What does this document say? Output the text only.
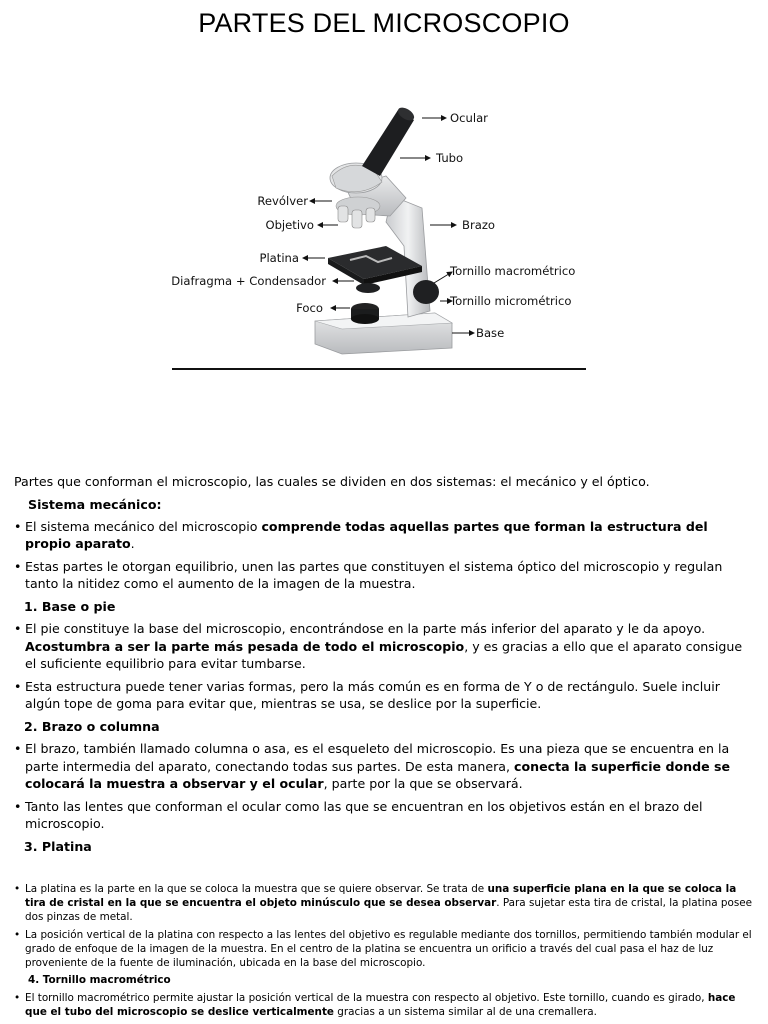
PARTES DEL MICROSCOPIO
Ocular
Tubo
Revólver
Objetivo	Brazo
Platina
Diafragma + Condensador
Tornillo macrométrico
Tornillo micrométrico
Foco
Base
Partes que conforman el microscopio, las cuales se dividen en dos sistemas: el mecánico y el óptico.
Sistema mecánico:
• El sistema mecánico del microscopio comprende todas aquellas partes que forman la estructura del propio aparato.
• Estas partes le otorgan equilibrio, unen las partes que constituyen el sistema óptico del microscopio y regulan tanto la nitidez como el aumento de la imagen de la muestra.
1. Base o pie
• El pie constituye la base del microscopio, encontrándose en la parte más inferior del aparato y le da apoyo. Acostumbra a ser la parte más pesada de todo el microscopio, y es gracias a ello que el aparato consigue el suficiente equilibrio para evitar tumbarse.
• Esta estructura puede tener varias formas, pero la más común es en forma de Y o de rectángulo. Suele incluir algún tope de goma para evitar que, mientras se usa, se deslice por la superficie.
2. Brazo o columna
• El brazo, también llamado columna o asa, es el esqueleto del microscopio. Es una pieza que se encuentra en la parte intermedia del aparato, conectando todas sus partes. De esta manera, conecta la superficie donde se colocará la muestra a observar y el ocular, parte por la que se observará.
• Tanto las lentes que conforman el ocular como las que se encuentran en los objetivos están en el brazo del microscopio.
3. Platina
• La platina es la parte en la que se coloca la muestra que se quiere observar. Se trata de una superficie plana en la que se coloca la tira de cristal en la que se encuentra el objeto minúsculo que se desea observar. Para sujetar esta tira de cristal, la platina posee dos pinzas de metal.
• La posición vertical de la platina con respecto a las lentes del objetivo es regulable mediante dos tornillos, permitiendo también modular el grado de enfoque de la imagen de la muestra. En el centro de la platina se encuentra un orificio a través del cual pasa el haz de luz proveniente de la fuente de iluminación, ubicada en la base del microscopio.
4. Tornillo macrométrico
• El tornillo macrométrico permite ajustar la posición vertical de la muestra con respecto al objetivo. Este tornillo, cuando es girado, hace que el tubo del microscopio se deslice verticalmente gracias a un sistema similar al de una cremallera.
